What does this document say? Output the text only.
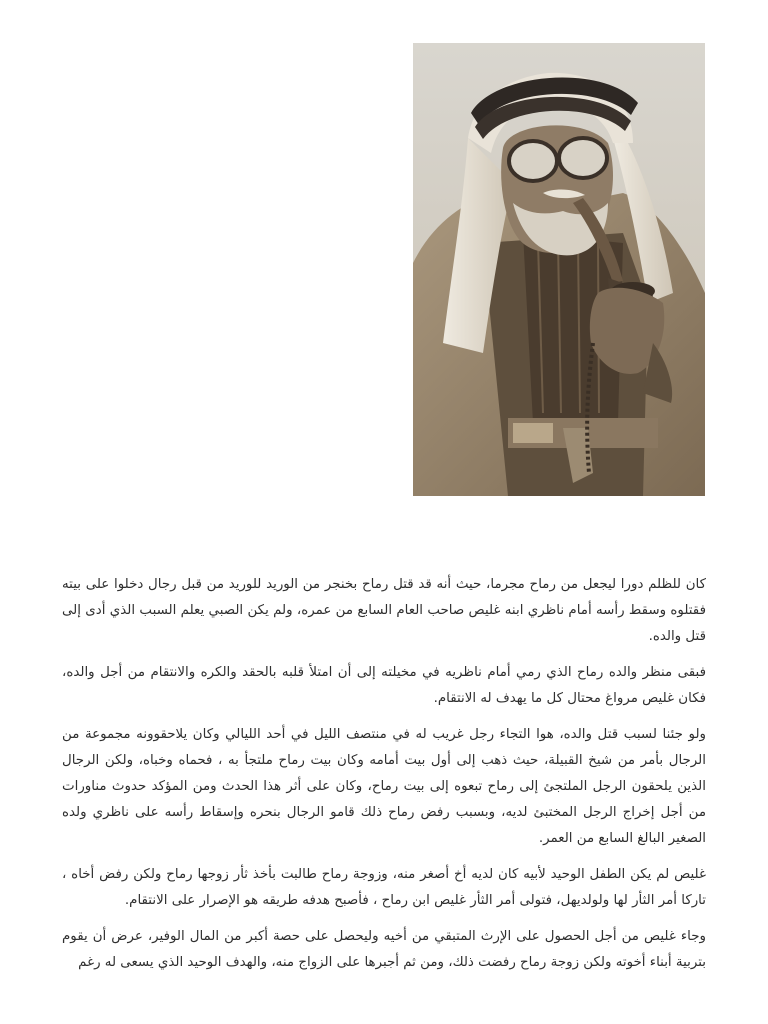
كان للظلم دورا ليجعل من رماح مجرما، حيث أنه قد قتل رماح بخنجر من الوريد للوريد من قبل رجال دخلوا على بيته فقتلوه وسقط رأسه أمام ناظري ابنه غليص صاحب العام السابع من عمره، ولم يكن الصبي يعلم السبب الذي أدى إلى قتل والده.

فبقى منظر والده رماح الذي رمي أمام ناظريه في مخيلته إلى أن امتلأ قلبه بالحقد والكره والانتقام من أجل والده، فكان غليص مرواغ محتال كل ما يهدف له الانتقام.

ولو جئنا لسبب قتل والده، هوا التجاء رجل غريب له في منتصف الليل في أحد الليالي وكان يلاحقوونه مجموعة من الرجال بأمر من شيخ القبيلة، حيث ذهب إلى أول بيت أمامه وكان بيت رماح ملتجأ به ، فحماه وخباه، ولكن الرجال الذين يلحقون الرجل الملتجئ إلى رماح تبعوه إلى بيت رماح، وكان على أثر هذا الحدث ومن المؤكد حدوث مناورات من أجل إخراج الرجل المختبئ لديه، وبسبب رفض رماح ذلك قامو الرجال بنحره وإسقاط رأسه على ناظري ولده الصغير البالغ السابع من العمر.

غليص لم يكن الطفل الوحيد لأبيه كان لديه أخ أصغر منه، وزوجة رماح طالبت بأخذ ثأر زوجها رماح ولكن رفض أخاه ، تاركا أمر الثأر لها ولولديهل، فتولى أمر الثأر غليص ابن رماح ، فأصبح هدفه طريقه هو الإصرار على الانتقام.

وجاء غليص من أجل الحصول على الإرث المتبقي من أخيه وليحصل على حصة أكبر من المال الوفير، عرض أن يقوم بتربية أبناء أخوته ولكن زوجة رماح رفضت ذلك، ومن ثم أجبرها على الزواج منه، والهدف الوحيد الذي يسعى له رغم
